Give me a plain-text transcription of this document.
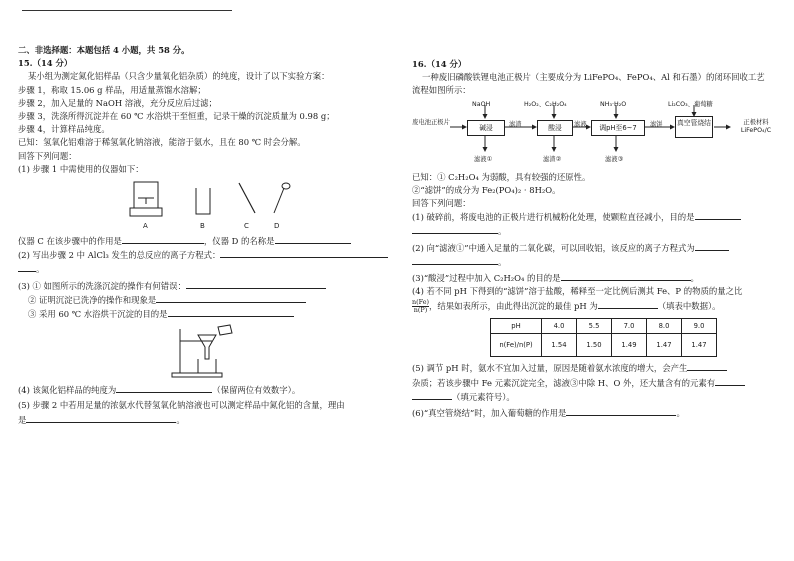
二、非选择题：本题包括 4 小题，共 58 分。
15.（14 分）
某小组为测定氮化铝样品（只含少量氧化铝杂质）的纯度，设计了以下实验方案：
步骤 1，称取 15.06 g 样品，用适量蒸馏水溶解；
步骤 2，加入足量的 NaOH 溶液，充分反应后过滤；
步骤 3，洗涤所得沉淀并在 60 ℃ 水浴烘干至恒重，记录干燥的沉淀质量为 0.98 g；
步骤 4，计算样品纯度。
已知：氢氧化铝难溶于稀氢氧化钠溶液，能溶于氨水，且在 80 ℃ 时会分解。
回答下列问题：
(1) 步骤 1 中需使用的仪器如下：
A	B	C	D
仪器 C 在该步骤中的作用是	，仪器 D 的名称是
(2) 写出步骤 2 中 AlCl₃ 发生的总反应的离子方程式：
。
(3) ① 如图所示的洗涤沉淀的操作有何错误：
② 证明沉淀已洗净的操作和现象是
③ 采用 60 ℃ 水浴烘干沉淀的目的是
(4) 该氮化铝样品的纯度为	（保留两位有效数字）。
(5) 步骤 2 中若用足量的浓氨水代替氢氧化钠溶液也可以测定样品中氮化铝的含量，理由
是	。
16.（14 分）
一种废旧磷酸铁锂电池正极片（主要成分为 LiFePO₄、FePO₄、Al 和石墨）的闭环回收工艺
流程如图所示：
NaOH	H₂O₂、C₂H₂O₄	NH₃·H₂O	Li₂CO₃、葡萄糖
废电池正极片
碱浸	酸浸	调pH至6~7
真空管烧结	正极材料 LiFePO₄/C
滤渣	滤液	滤饼
滤液①	滤渣②	滤液③
已知：① C₂H₂O₄ 为弱酸，具有较强的还原性。
②“滤饼”的成分为 Fe₂(PO₄)₂ · 8H₂O。
回答下列问题：
(1) 破碎前，将废电池的正极片进行机械粉化处理，使颗粒直径减小，目的是
。
(2) 向“滤液①”中通入足量的二氧化碳，可以回收铝，该反应的离子方程式为
。
(3)“酸浸”过程中加入 C₂H₂O₄ 的目的是	。
(4) 若不同 pH 下得到的“滤饼”溶于盐酸，稀释至一定比例后测其 Fe、P 的物质的量之比
$\frac{n(Fe)}{n(P)}$ ，结果如表所示，由此得出沉淀的最佳 pH 为	（填表中数据）。
pH	4.0	5.5	7.0	8.0	9.0
n(Fe)/n(P)	1.54	1.50	1.49	1.47	1.47
(5) 调节 pH 时，氨水不宜加入过量，原因是随着氨水浓度的增大，会产生
杂质；若该步骤中 Fe 元素沉淀完全，滤液③中除 H、O 外，还大量含有的元素有
（填元素符号）。
(6)“真空管烧结”时，加入葡萄糖的作用是	。
